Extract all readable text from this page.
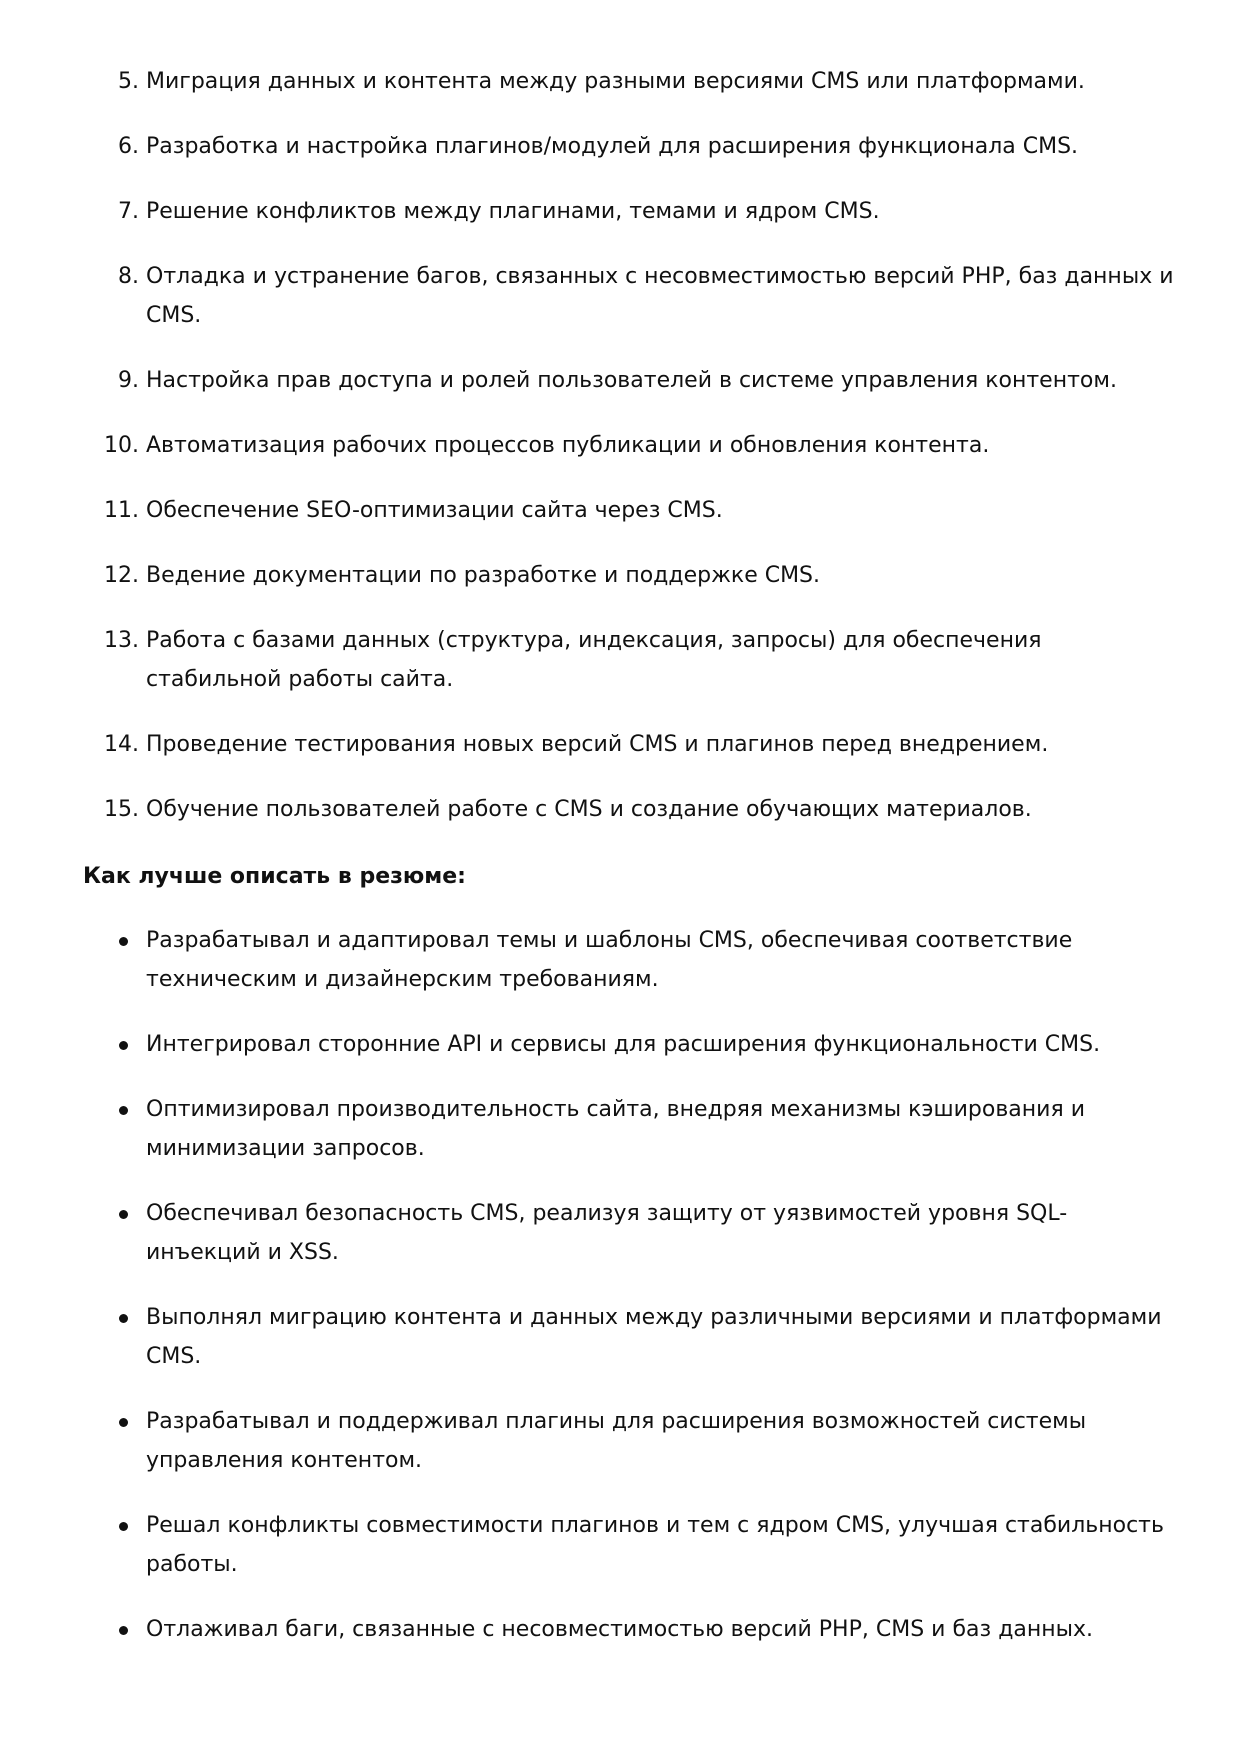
5. Миграция данных и контента между разными версиями CMS или платформами.
6. Разработка и настройка плагинов/модулей для расширения функционала CMS.
7. Решение конфликтов между плагинами, темами и ядром CMS.
8. Отладка и устранение багов, связанных с несовместимостью версий PHP, баз данных и CMS.
9. Настройка прав доступа и ролей пользователей в системе управления контентом.
10. Автоматизация рабочих процессов публикации и обновления контента.
11. Обеспечение SEO-оптимизации сайта через CMS.
12. Ведение документации по разработке и поддержке CMS.
13. Работа с базами данных (структура, индексация, запросы) для обеспечения стабильной работы сайта.
14. Проведение тестирования новых версий CMS и плагинов перед внедрением.
15. Обучение пользователей работе с CMS и создание обучающих материалов.
Как лучше описать в резюме:
Разрабатывал и адаптировал темы и шаблоны CMS, обеспечивая соответствие техническим и дизайнерским требованиям.
Интегрировал сторонние API и сервисы для расширения функциональности CMS.
Оптимизировал производительность сайта, внедряя механизмы кэширования и минимизации запросов.
Обеспечивал безопасность CMS, реализуя защиту от уязвимостей уровня SQL-инъекций и XSS.
Выполнял миграцию контента и данных между различными версиями и платформами CMS.
Разрабатывал и поддерживал плагины для расширения возможностей системы управления контентом.
Решал конфликты совместимости плагинов и тем с ядром CMS, улучшая стабильность работы.
Отлаживал баги, связанные с несовместимостью версий PHP, CMS и баз данных.
